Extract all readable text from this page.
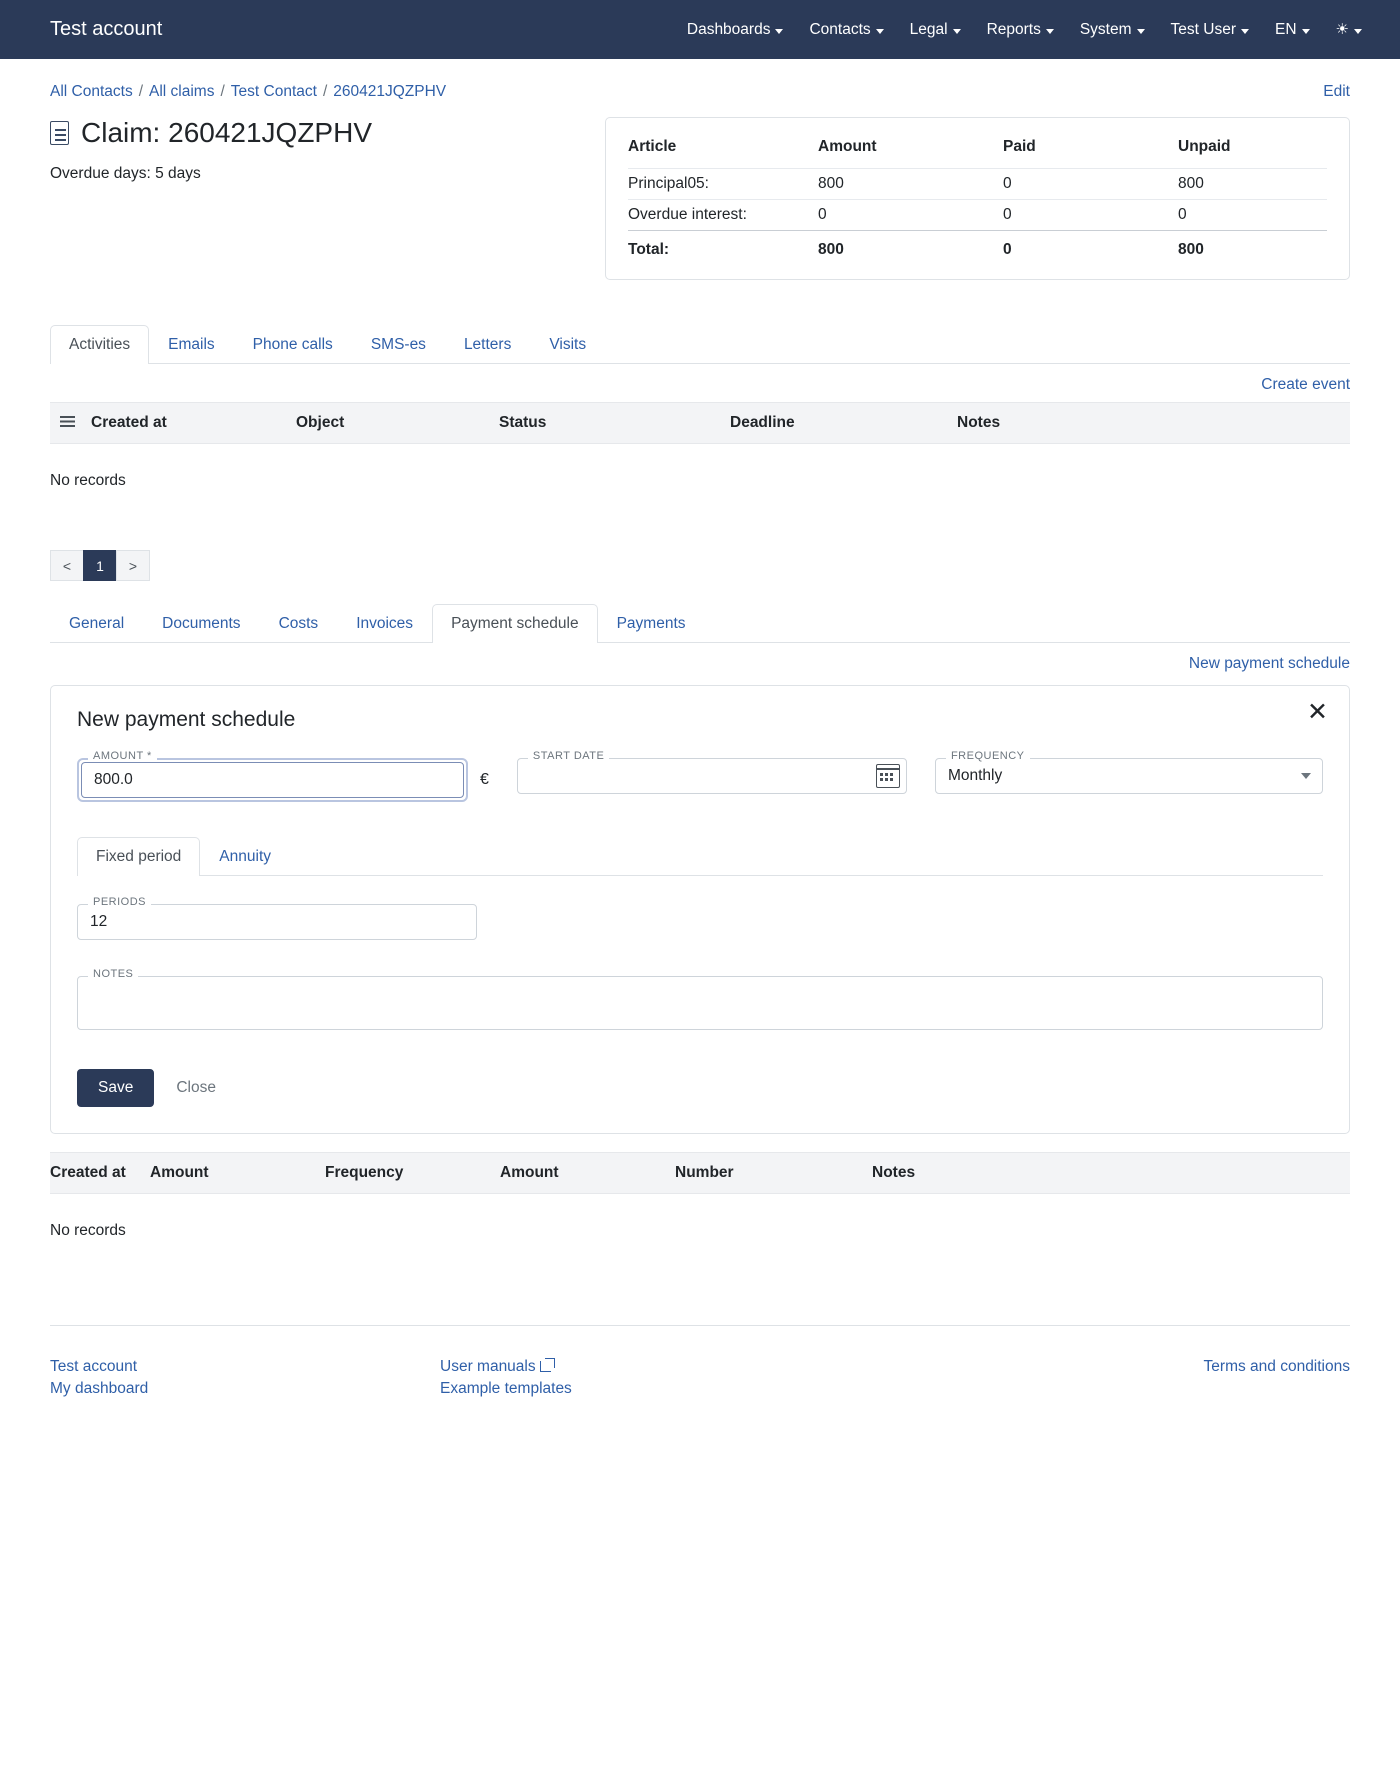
Test account	Dashboards	Contacts	Legal	Reports	System	Test User	EN	☀
All Contacts / All claims / Test Contact / 260421JQZPHV	Edit
Claim: 260421JQZPHV
Overdue days: 5 days
Article	Amount	Paid	Unpaid
Principal05:	800	0	800
Overdue interest:	0	0	0
Total:	800	0	800
Activities	Emails	Phone calls	SMS-es	Letters	Visits
Create event
	Created at	Object	Status	Deadline	Notes
No records
<	1	>
General	Documents	Costs	Invoices	Payment schedule	Payments
New payment schedule
✕
New payment schedule
AMOUNT *
800.0
€
START DATE	FREQUENCY
Monthly
Fixed period	Annuity
PERIODS
12
NOTES
Save	Close
Created at	Amount	Frequency	Amount	Number	Notes
No records
Test account
My dashboard
User manuals
Example templates
Terms and conditions
